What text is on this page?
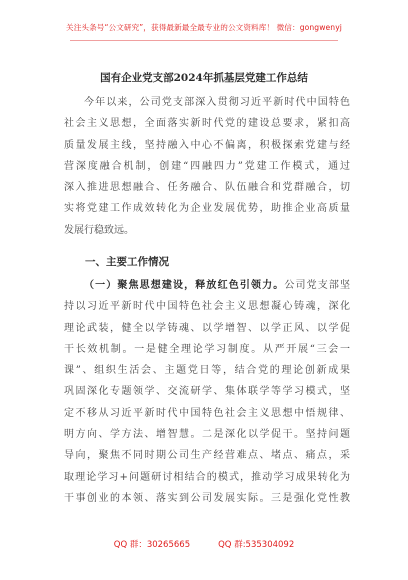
关注头条号“公文研究”，获得最新最全最专业的公文资料库！ 微信：gongwenyj
国有企业党支部2024年抓基层党建工作总结
今年以来，公司党支部深入贯彻习近平新时代中国特色
社会主义思想，全面落实新时代党的建设总要求，紧扣高
质量发展主线，坚持融入中心不偏离，积极探索党建与经
营深度融合机制，创建“四融四力”党建工作模式，通过
深入推进思想融合、任务融合、队伍融合和党群融合，切
实将党建工作成效转化为企业发展优势，助推企业高质量
发展行稳致远。
一、主要工作情况
（一）聚焦思想建设，释放红色引领力。公司党支部坚
持以习近平新时代中国特色社会主义思想凝心铸魂，深化
理论武装，健全以学铸魂、以学增智、以学正风、以学促
干长效机制。一是健全理论学习制度。从严开展“三会一
课”、组织生活会、主题党日等，结合党的理论创新成果
巩固深化专题领学、交流研学、集体联学等学习模式，坚
定不移从习近平新时代中国特色社会主义思想中悟规律、
明方向、学方法、增智慧。二是深化以学促干。坚持问题
导向，聚焦不同时期公司生产经营难点、堵点、痛点，采
取理论学习+问题研讨相结合的模式，推动学习成果转化为
干事创业的本领、落实到公司发展实际。三是强化党性教
QQ 群：30265665	QQ 群:535304092
